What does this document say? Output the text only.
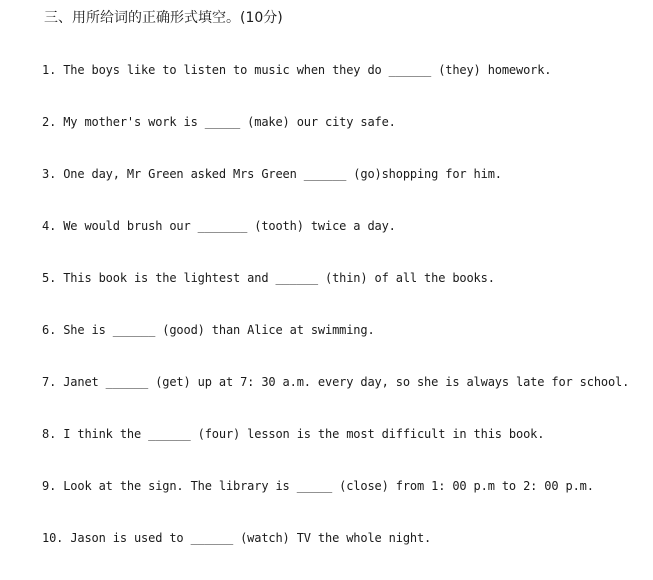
三、用所给词的正确形式填空。(10分)
1. The boys like to listen to music when they do ______ (they) homework.
2. My mother's work is _____ (make) our city safe.
3. One day, Mr Green asked Mrs Green ______ (go)shopping for him.
4. We would brush our _______ (tooth) twice a day.
5. This book is the lightest and ______ (thin) of all the books.
6. She is ______ (good) than Alice at swimming.
7. Janet ______ (get) up at 7: 30 a.m. every day, so she is always late for school.
8. I think the ______ (four) lesson is the most difficult in this book.
9. Look at the sign. The library is _____ (close) from 1: 00 p.m to 2: 00 p.m.
10. Jason is used to ______ (watch) TV the whole night.
